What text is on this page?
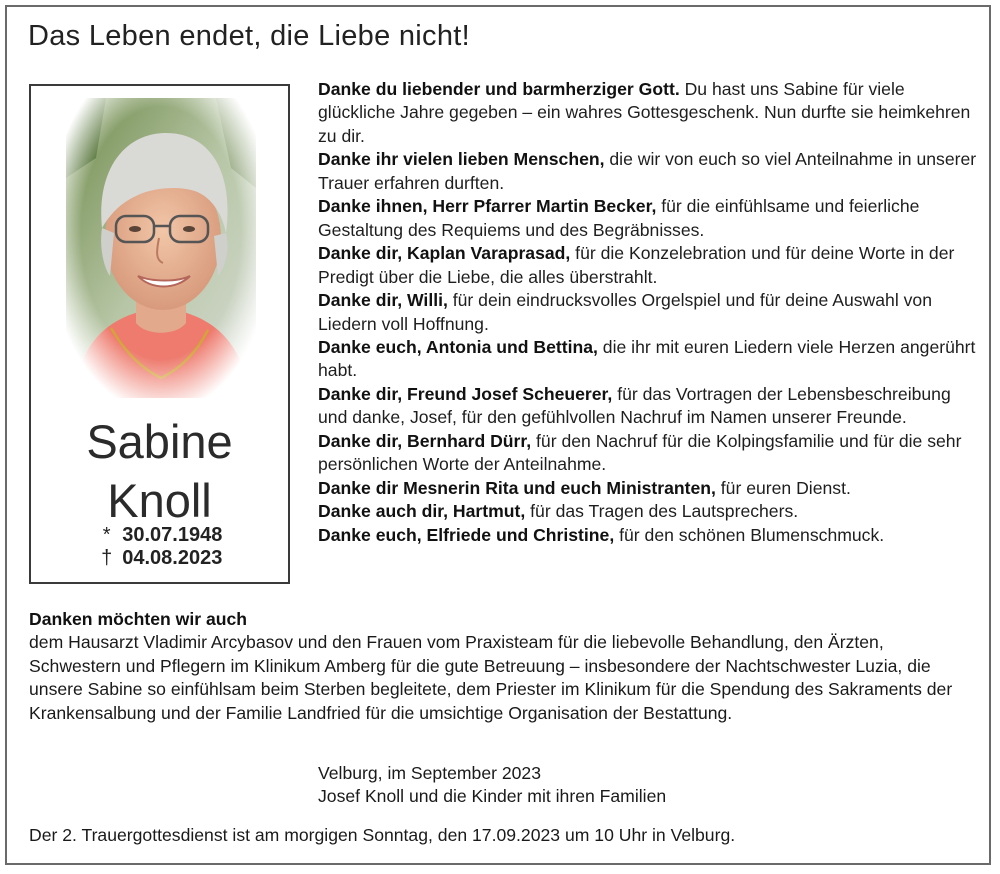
Das Leben endet, die Liebe nicht!
Sabine
Knoll
* 30.07.1948
† 04.08.2023

Danke du liebender und barmherziger Gott. Du hast uns Sabine für viele glückliche Jahre gegeben – ein wahres Gottesgeschenk. Nun durfte sie heimkehren zu dir.

Danke ihr vielen lieben Menschen, die wir von euch so viel Anteilnahme in unserer Trauer erfahren durften.

Danke ihnen, Herr Pfarrer Martin Becker, für die einfühlsame und feierliche Gestaltung des Requiems und des Begräbnisses.

Danke dir, Kaplan Varaprasad, für die Konzelebration und für deine Worte in der Predigt über die Liebe, die alles überstrahlt.

Danke dir, Willi, für dein eindrucksvolles Orgelspiel und für deine Auswahl von Liedern voll Hoffnung.

Danke euch, Antonia und Bettina, die ihr mit euren Liedern viele Herzen angerührt habt.

Danke dir, Freund Josef Scheuerer, für das Vortragen der Lebensbeschreibung und danke, Josef, für den gefühlvollen Nachruf im Namen unserer Freunde.

Danke dir, Bernhard Dürr, für den Nachruf für die Kolpingsfamilie und für die sehr persönlichen Worte der Anteilnahme.

Danke dir Mesnerin Rita und euch Ministranten, für euren Dienst.

Danke auch dir, Hartmut, für das Tragen des Lautsprechers.

Danke euch, Elfriede und Christine, für den schönen Blumenschmuck.

Danken möchten wir auch

dem Hausarzt Vladimir Arcybasov und den Frauen vom Praxisteam für die liebevolle Behandlung, den Ärzten, Schwestern und Pflegern im Klinikum Amberg für die gute Betreuung – insbesondere der Nachtschwester Luzia, die unsere Sabine so einfühlsam beim Sterben begleitete, dem Priester im Klinikum für die Spendung des Sakraments der Krankensalbung und der Familie Landfried für die umsichtige Organisation der Bestattung.

Velburg, im September 2023
Josef Knoll und die Kinder mit ihren Familien
Der 2. Trauergottesdienst ist am morgigen Sonntag, den 17.09.2023 um 10 Uhr in Velburg.
